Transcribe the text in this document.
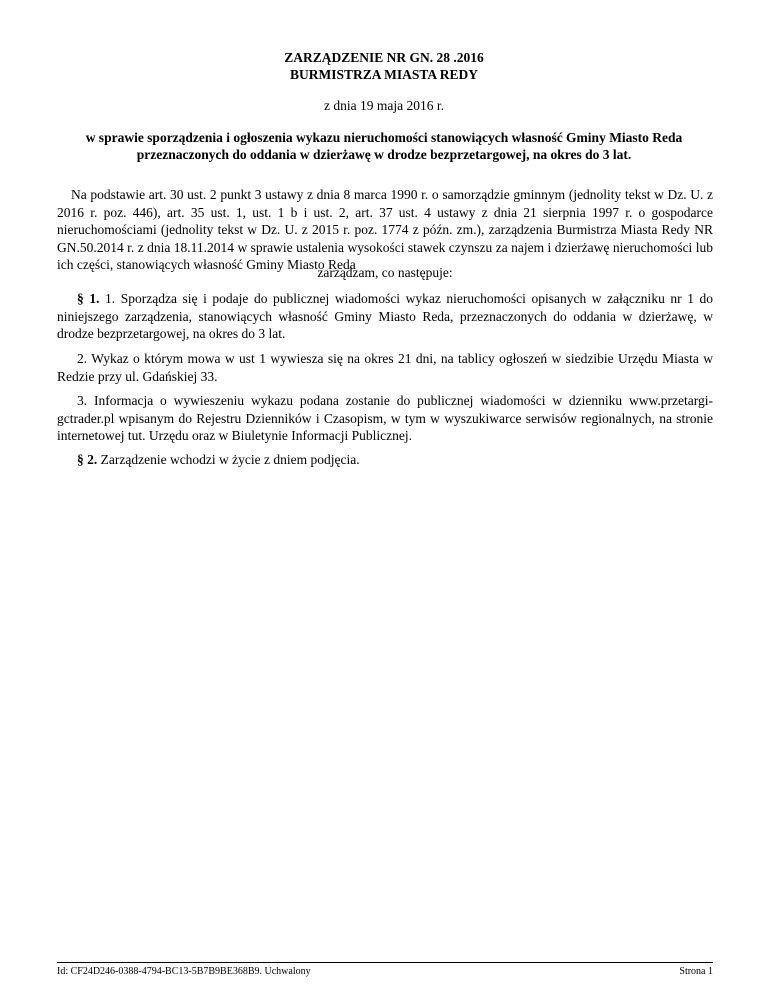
ZARZĄDZENIE NR GN. 28 .2016
BURMISTRZA MIASTA REDY
z dnia 19 maja 2016 r.
w sprawie sporządzenia i ogłoszenia wykazu nieruchomości stanowiących własność Gminy Miasto Reda
przeznaczonych do oddania w dzierżawę w drodze bezprzetargowej, na okres do 3 lat.
Na podstawie art. 30 ust. 2 punkt 3 ustawy z dnia 8 marca 1990 r. o samorządzie gminnym (jednolity tekst w Dz. U. z 2016 r. poz. 446), art. 35 ust. 1, ust. 1 b i ust. 2, art. 37 ust. 4 ustawy z dnia 21 sierpnia 1997 r. o gospodarce nieruchomościami (jednolity tekst w Dz. U. z 2015 r. poz. 1774 z późn. zm.), zarządzenia Burmistrza Miasta Redy NR GN.50.2014 r. z dnia 18.11.2014 w sprawie ustalenia wysokości stawek czynszu za najem i dzierżawę nieruchomości lub ich części, stanowiących własność Gminy Miasto Reda
zarządzam, co następuje:
§ 1. 1. Sporządza się i podaje do publicznej wiadomości wykaz nieruchomości opisanych w załączniku nr 1 do niniejszego zarządzenia, stanowiących własność Gminy Miasto Reda, przeznaczonych do oddania w dzierżawę, w drodze bezprzetargowej, na okres do 3 lat.
2. Wykaz o którym mowa w ust 1 wywiesza się na okres 21 dni, na tablicy ogłoszeń w siedzibie Urzędu Miasta w Redzie przy ul. Gdańskiej 33.
3. Informacja o wywieszeniu wykazu podana zostanie do publicznej wiadomości w dzienniku www.przetargi-gctrader.pl wpisanym do Rejestru Dzienników i Czasopism, w tym w wyszukiwarce serwisów regionalnych, na stronie internetowej tut. Urzędu oraz w Biuletynie Informacji Publicznej.
§ 2. Zarządzenie wchodzi w życie z dniem podjęcia.
Id: CF24D246-0388-4794-BC13-5B7B9BE368B9. Uchwalony	Strona 1
